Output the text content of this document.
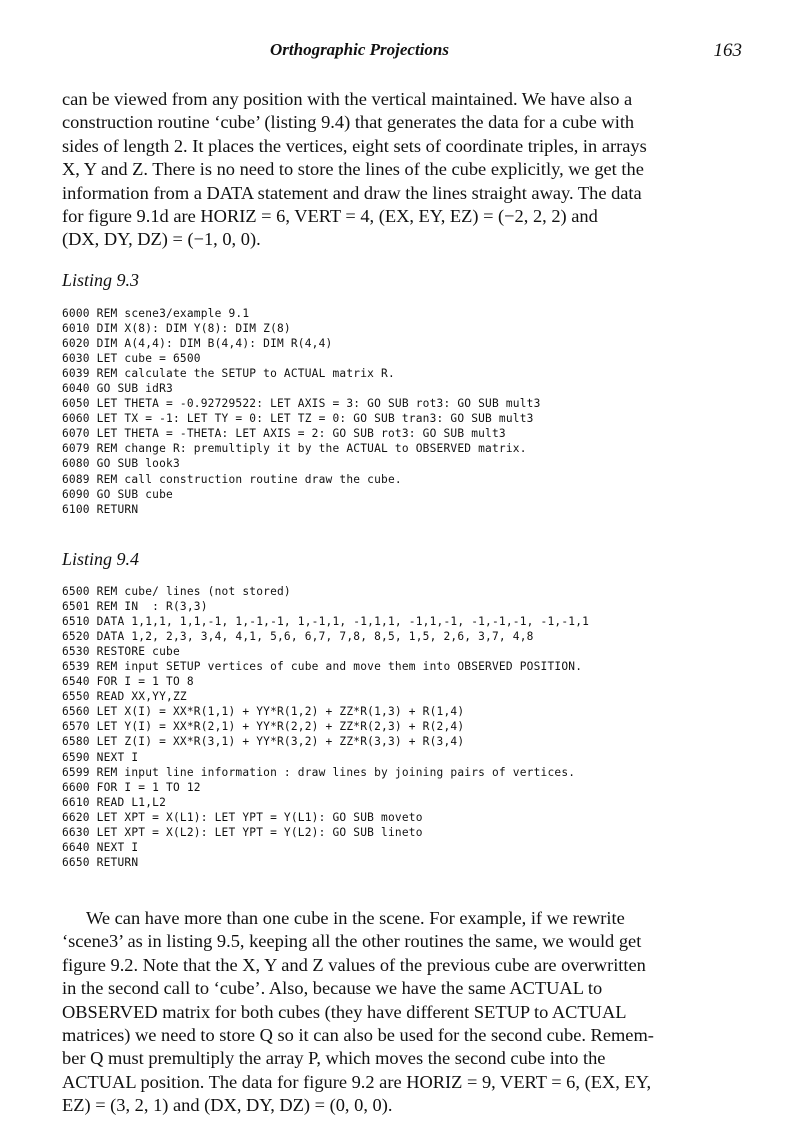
Orthographic Projections	163
can be viewed from any position with the vertical maintained. We have also a
construction routine ‘cube’ (listing 9.4) that generates the data for a cube with
sides of length 2. It places the vertices, eight sets of coordinate triples, in arrays
X, Y and Z. There is no need to store the lines of the cube explicitly, we get the
information from a DATA statement and draw the lines straight away. The data
for figure 9.1d are HORIZ = 6, VERT = 4, (EX, EY, EZ) = (−2, 2, 2) and
(DX, DY, DZ) = (−1, 0, 0).
Listing 9.3
6000 REM scene3/example 9.1
6010 DIM X(8): DIM Y(8): DIM Z(8)
6020 DIM A(4,4): DIM B(4,4): DIM R(4,4)
6030 LET cube = 6500
6039 REM calculate the SETUP to ACTUAL matrix R.
6040 GO SUB idR3
6050 LET THETA = -0.92729522: LET AXIS = 3: GO SUB rot3: GO SUB mult3
6060 LET TX = -1: LET TY = 0: LET TZ = 0: GO SUB tran3: GO SUB mult3
6070 LET THETA = -THETA: LET AXIS = 2: GO SUB rot3: GO SUB mult3
6079 REM change R: premultiply it by the ACTUAL to OBSERVED matrix.
6080 GO SUB look3
6089 REM call construction routine draw the cube.
6090 GO SUB cube
6100 RETURN
Listing 9.4
6500 REM cube/ lines (not stored)
6501 REM IN  : R(3,3)
6510 DATA 1,1,1, 1,1,-1, 1,-1,-1, 1,-1,1, -1,1,1, -1,1,-1, -1,-1,-1, -1,-1,1
6520 DATA 1,2, 2,3, 3,4, 4,1, 5,6, 6,7, 7,8, 8,5, 1,5, 2,6, 3,7, 4,8
6530 RESTORE cube
6539 REM input SETUP vertices of cube and move them into OBSERVED POSITION.
6540 FOR I = 1 TO 8
6550 READ XX,YY,ZZ
6560 LET X(I) = XX*R(1,1) + YY*R(1,2) + ZZ*R(1,3) + R(1,4)
6570 LET Y(I) = XX*R(2,1) + YY*R(2,2) + ZZ*R(2,3) + R(2,4)
6580 LET Z(I) = XX*R(3,1) + YY*R(3,2) + ZZ*R(3,3) + R(3,4)
6590 NEXT I
6599 REM input line information : draw lines by joining pairs of vertices.
6600 FOR I = 1 TO 12
6610 READ L1,L2
6620 LET XPT = X(L1): LET YPT = Y(L1): GO SUB moveto
6630 LET XPT = X(L2): LET YPT = Y(L2): GO SUB lineto
6640 NEXT I
6650 RETURN
We can have more than one cube in the scene. For example, if we rewrite
‘scene3’ as in listing 9.5, keeping all the other routines the same, we would get
figure 9.2. Note that the X, Y and Z values of the previous cube are overwritten
in the second call to ‘cube’. Also, because we have the same ACTUAL to
OBSERVED matrix for both cubes (they have different SETUP to ACTUAL
matrices) we need to store Q so it can also be used for the second cube. Remem-
ber Q must premultiply the array P, which moves the second cube into the
ACTUAL position. The data for figure 9.2 are HORIZ = 9, VERT = 6, (EX, EY,
EZ) = (3, 2, 1) and (DX, DY, DZ) = (0, 0, 0).
